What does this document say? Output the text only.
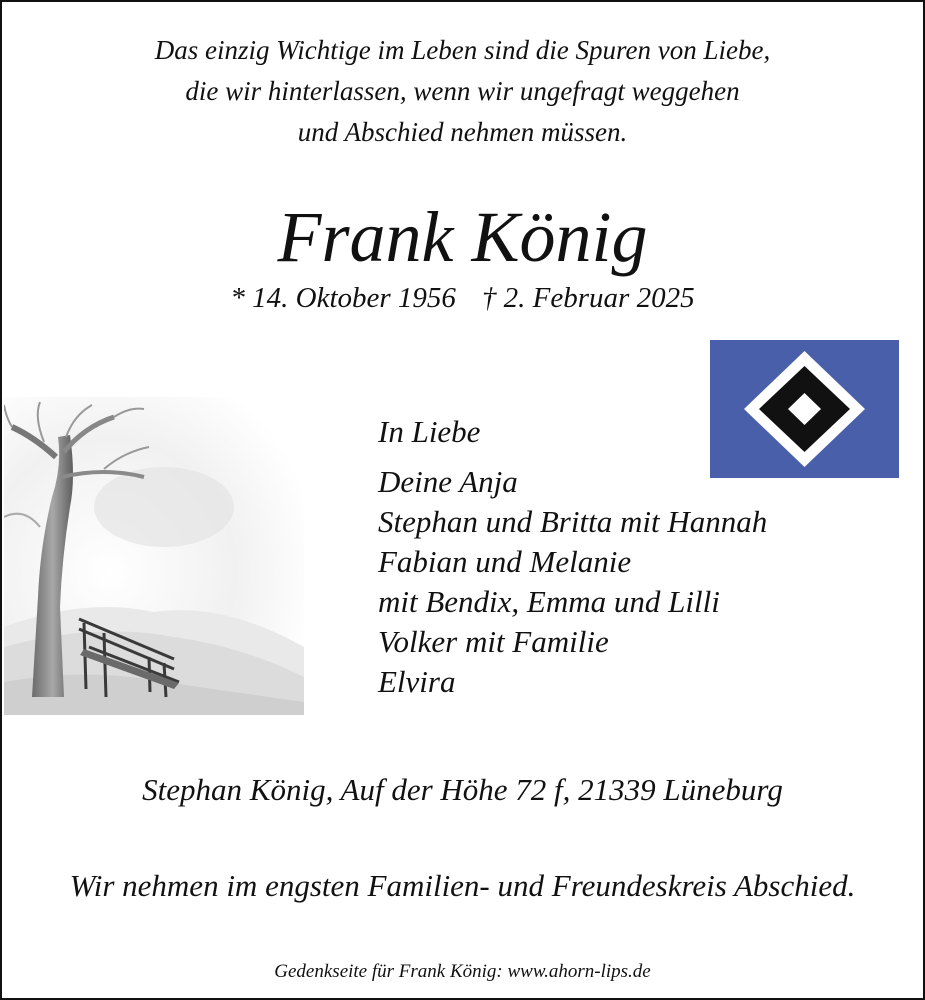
Das einzig Wichtige im Leben sind die Spuren von Liebe,
die wir hinterlassen, wenn wir ungefragt weggehen
und Abschied nehmen müssen.
Frank König
* 14. Oktober 1956 † 2. Februar 2025
In Liebe
Deine Anja
Stephan und Britta mit Hannah
Fabian und Melanie
mit Bendix, Emma und Lilli
Volker mit Familie
Elvira
Stephan König, Auf der Höhe 72 f, 21339 Lüneburg
Wir nehmen im engsten Familien- und Freundeskreis Abschied.
Gedenkseite für Frank König: www.ahorn-lips.de
